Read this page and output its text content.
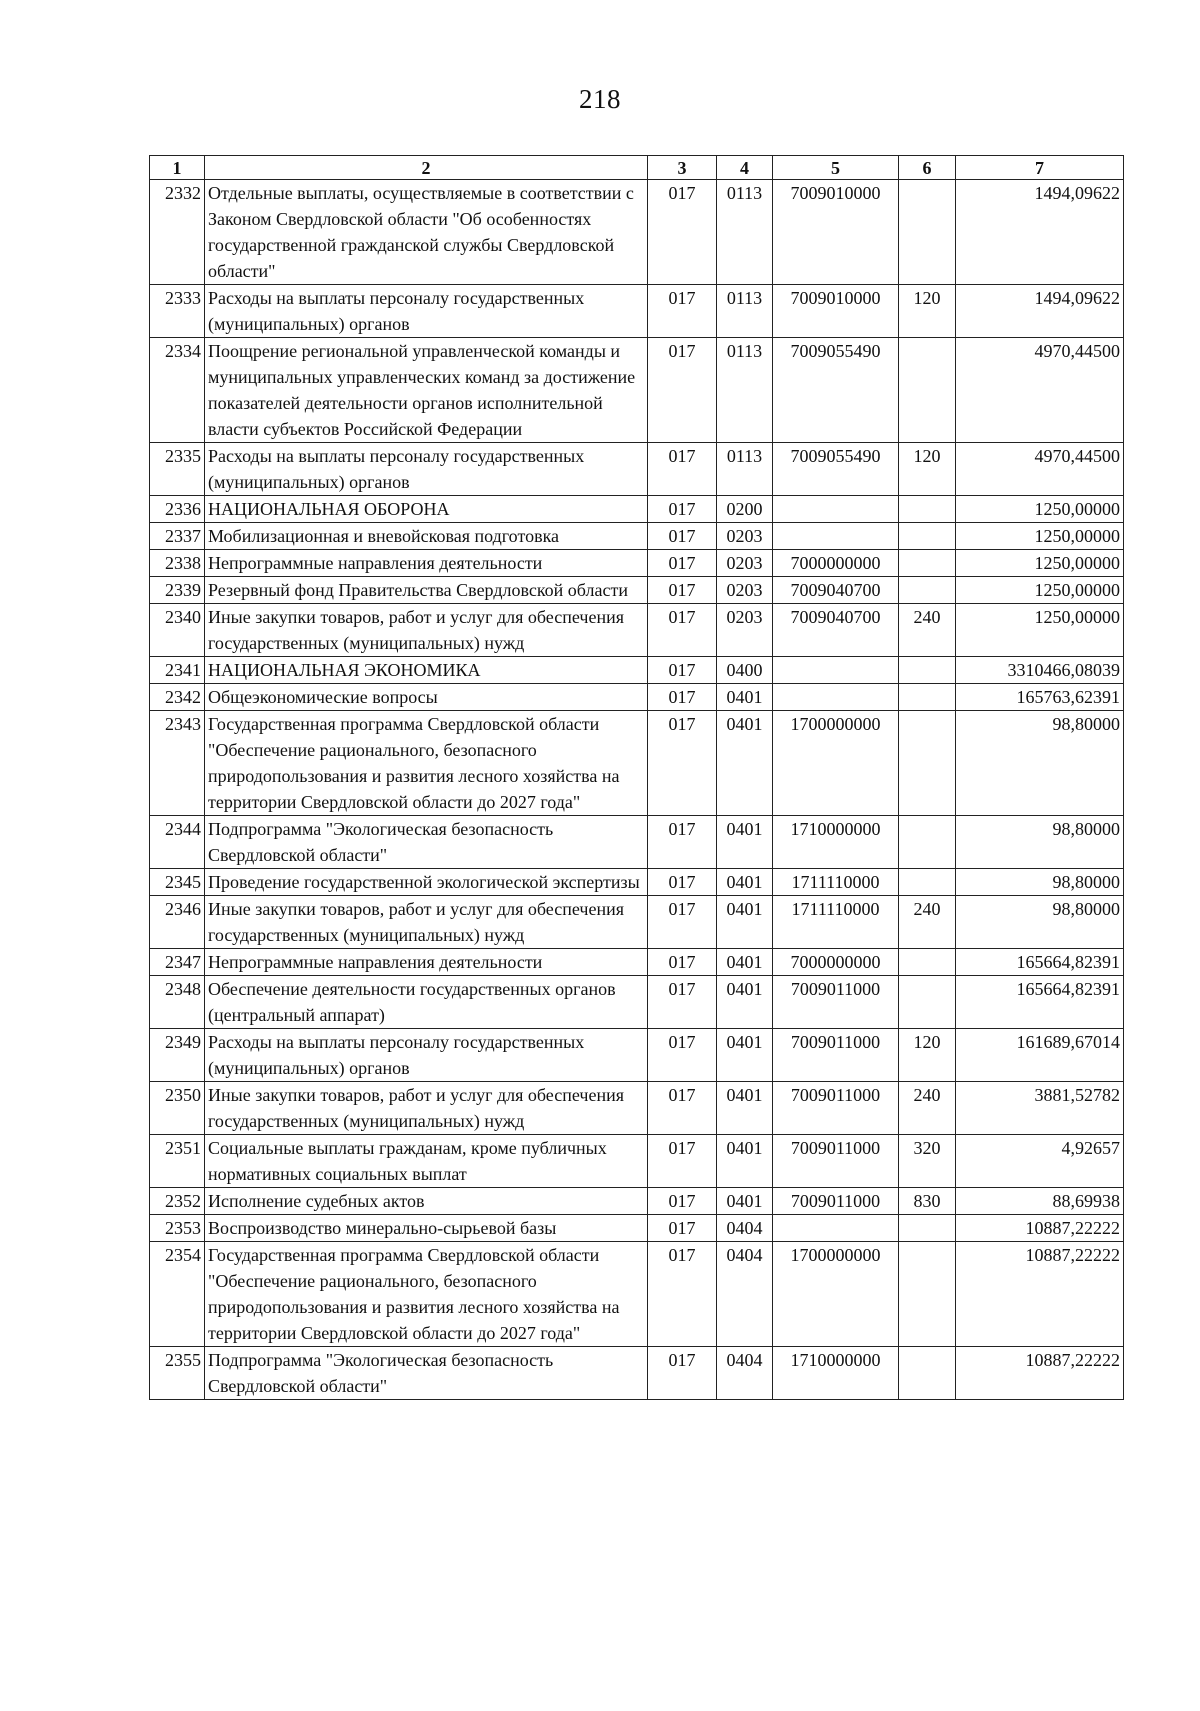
218
1	2	3	4	5	6	7
2332	Отдельные выплаты, осуществляемые в соответствии с Законом Свердловской области "Об особенностях государственной гражданской службы Свердловской области"	017	0113	7009010000		1494,09622
2333	Расходы на выплаты персоналу государственных (муниципальных) органов	017	0113	7009010000	120	1494,09622
2334	Поощрение региональной управленческой команды и муниципальных управленческих команд за достижение показателей деятельности органов исполнительной власти субъектов Российской Федерации	017	0113	7009055490		4970,44500
2335	Расходы на выплаты персоналу государственных (муниципальных) органов	017	0113	7009055490	120	4970,44500
2336	НАЦИОНАЛЬНАЯ ОБОРОНА	017	0200			1250,00000
2337	Мобилизационная и вневойсковая подготовка	017	0203			1250,00000
2338	Непрограммные направления деятельности	017	0203	7000000000		1250,00000
2339	Резервный фонд Правительства Свердловской области	017	0203	7009040700		1250,00000
2340	Иные закупки товаров, работ и услуг для обеспечения государственных (муниципальных) нужд	017	0203	7009040700	240	1250,00000
2341	НАЦИОНАЛЬНАЯ ЭКОНОМИКА	017	0400			3310466,08039
2342	Общеэкономические вопросы	017	0401			165763,62391
2343	Государственная программа Свердловской области "Обеспечение рационального, безопасного природопользования и развития лесного хозяйства на территории Свердловской области до 2027 года"	017	0401	1700000000		98,80000
2344	Подпрограмма "Экологическая безопасность Свердловской области"	017	0401	1710000000		98,80000
2345	Проведение государственной экологической экспертизы	017	0401	1711110000		98,80000
2346	Иные закупки товаров, работ и услуг для обеспечения государственных (муниципальных) нужд	017	0401	1711110000	240	98,80000
2347	Непрограммные направления деятельности	017	0401	7000000000		165664,82391
2348	Обеспечение деятельности государственных органов (центральный аппарат)	017	0401	7009011000		165664,82391
2349	Расходы на выплаты персоналу государственных (муниципальных) органов	017	0401	7009011000	120	161689,67014
2350	Иные закупки товаров, работ и услуг для обеспечения государственных (муниципальных) нужд	017	0401	7009011000	240	3881,52782
2351	Социальные выплаты гражданам, кроме публичных нормативных социальных выплат	017	0401	7009011000	320	4,92657
2352	Исполнение судебных актов	017	0401	7009011000	830	88,69938
2353	Воспроизводство минерально-сырьевой базы	017	0404			10887,22222
2354	Государственная программа Свердловской области "Обеспечение рационального, безопасного природопользования и развития лесного хозяйства на территории Свердловской области до 2027 года"	017	0404	1700000000		10887,22222
2355	Подпрограмма "Экологическая безопасность Свердловской области"	017	0404	1710000000		10887,22222
